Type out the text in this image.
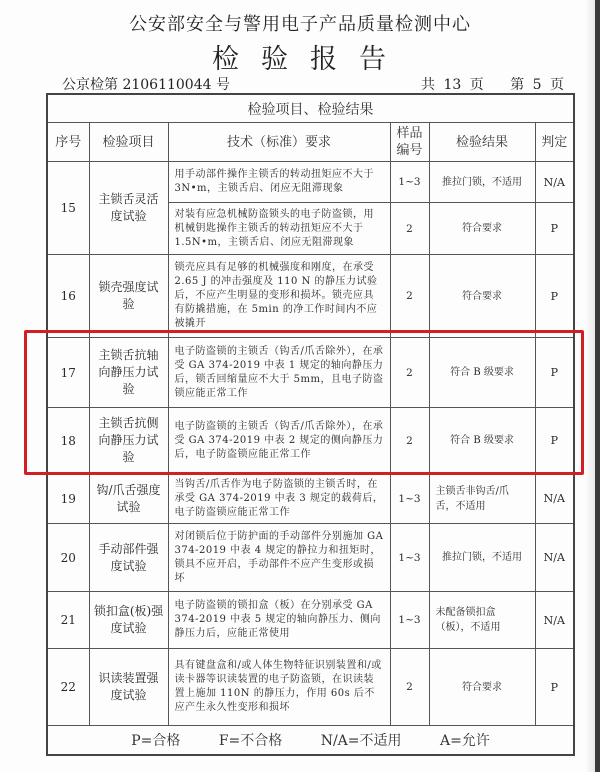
公安部安全与警用电子产品质量检测中心
检验报告
公京检第 2106110044 号	共 13 页 第 5 页
检验项目、检验结果					
序号	检验项目	技术（标准）要求	样品编号	检验结果	判定
15	主锁舌灵活度试验	用手动部件操作主锁舌的转动扭矩应不大于 3N•m，主锁舌启、闭应无阻滞现象	1~3	推拉门锁，不适用	N/A
		对装有应急机械防盗锁头的电子防盗锁，用机械钥匙操作主锁舌的转动扭矩应不大于 1.5N•m，主锁舌启、闭应无阻滞现象	2	符合要求	P
16	锁壳强度试验	锁壳应具有足够的机械强度和刚度，在承受 2.65 J 的冲击强度及 110 N 的静压力试验后，不应产生明显的变形和损坏。锁壳应具有防撬措施，在 5min 的净工作时间内不应被撬开	2	符合要求	P
17	主锁舌抗轴向静压力试验	电子防盗锁的主锁舌（钩舌/爪舌除外），在承受 GA 374-2019 中表 1 规定的轴向静压力后，锁舌回缩量应不大于 5mm，且电子防盗锁应能正常工作	2	符合 B 级要求	P
18	主锁舌抗侧向静压力试验	电子防盗锁的主锁舌（钩舌/爪舌除外），在承受 GA 374-2019 中表 2 规定的侧向静压力后，电子防盗锁应能正常工作	2	符合 B 级要求	P
19	钩/爪舌强度试验	当钩舌/爪舌作为电子防盗锁的主锁舌时，在承受 GA 374-2019 中表 3 规定的载荷后，电子防盗锁应能正常工作	1~3	主锁舌非钩舌/爪舌，不适用	N/A
20	手动部件强度试验	对闭锁后位于防护面的手动部件分别施加 GA 374-2019 中表 4 规定的静拉力和扭矩时，锁具不应开启，手动部件不应产生变形或损坏	1~3	推拉门锁，不适用	N/A
21	锁扣盒(板)强度试验	电子防盗锁的锁扣盒（板）在分别承受 GA 374-2019 中表 5 规定的轴向静压力、侧向静压力后，应能正常使用	1~3	未配备锁扣盒（板），不适用	N/A
22	识读装置强度试验	具有键盘盒和/或人体生物特征识别装置和/或读卡器等识读装置的电子防盗锁，在识读装置上施加 110N 的静压力，作用 60s 后不应产生永久性变形和损坏	2	符合要求	P
P=合格 F=不合格 N/A=不适用 A=允许					
